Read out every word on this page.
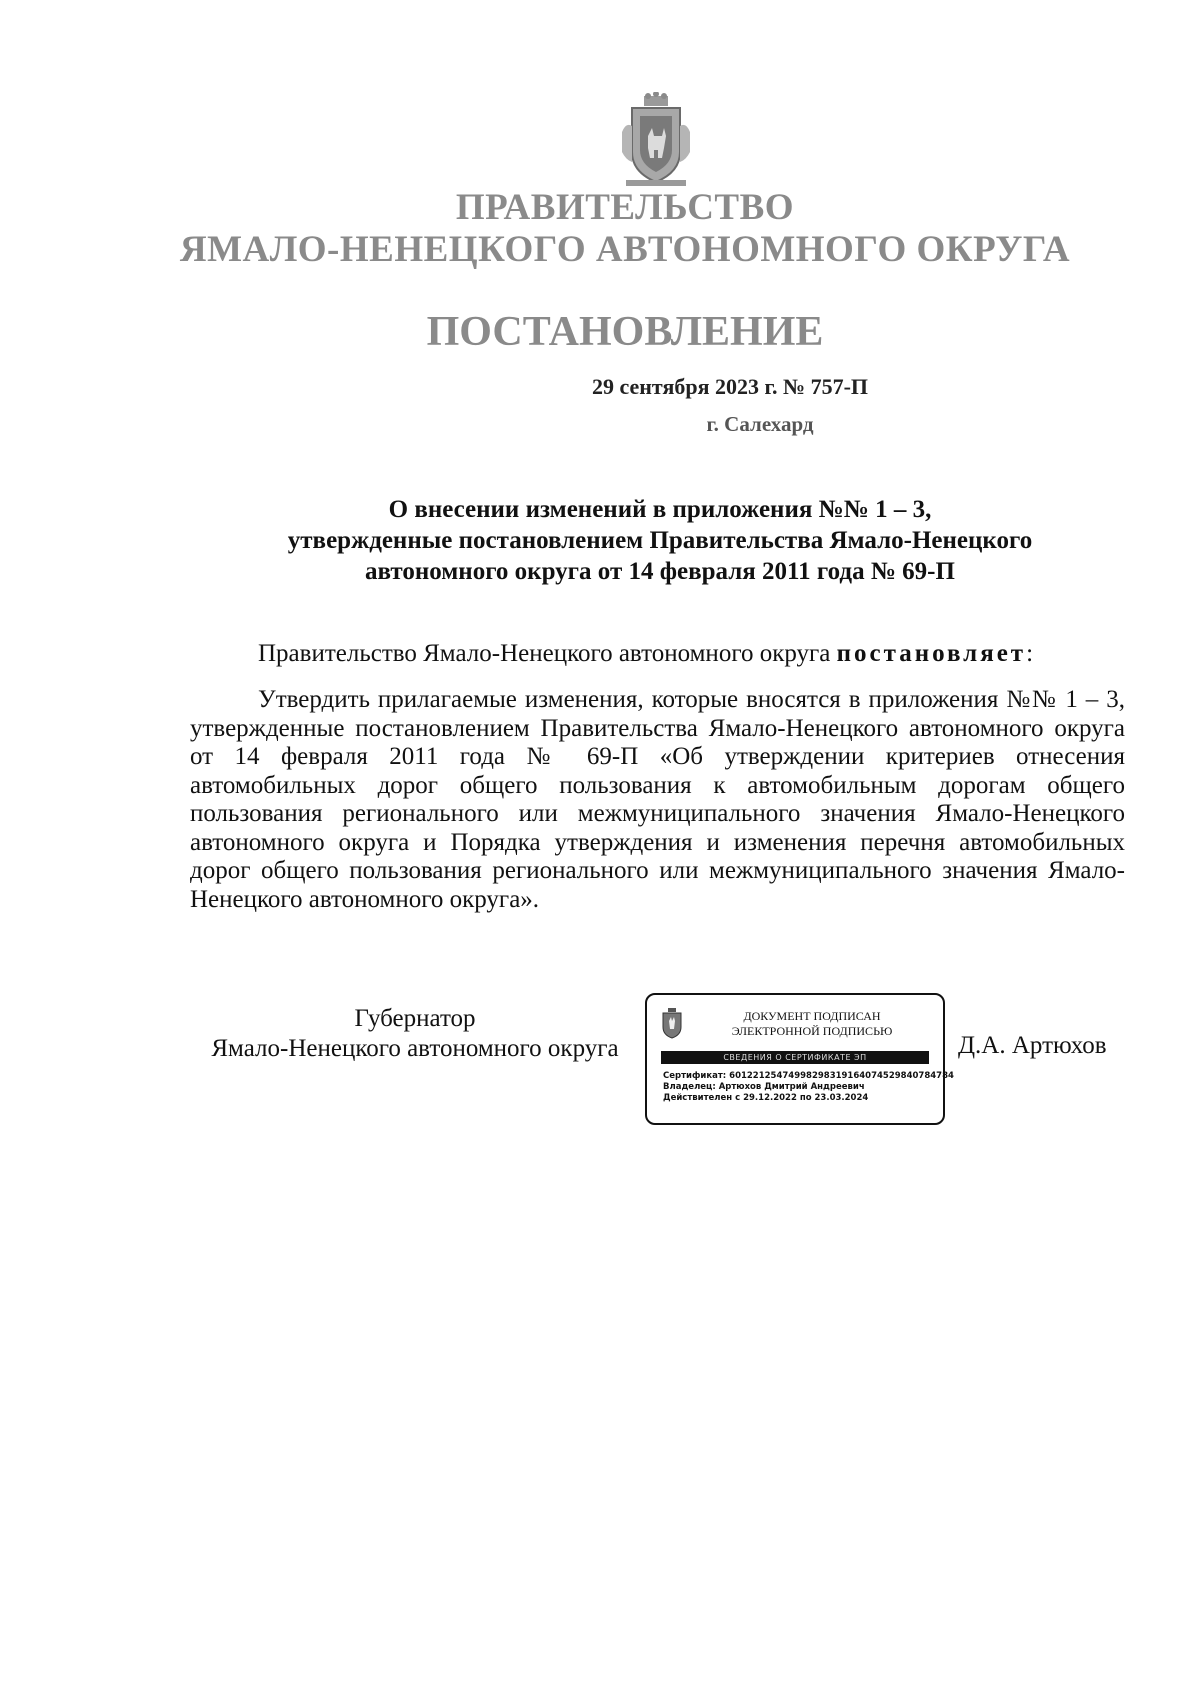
ПРАВИТЕЛЬСТВО

ЯМАЛО-НЕНЕЦКОГО АВТОНОМНОГО ОКРУГА

ПОСТАНОВЛЕНИЕ

29 сентября 2023 г. № 757-П

г. Салехард

О внесении изменений в приложения №№ 1 – 3,
утвержденные постановлением Правительства Ямало-Ненецкого
автономного округа от 14 февраля 2011 года № 69-П

Правительство Ямало-Ненецкого автономного округа постановляет:

Утвердить прилагаемые изменения, которые вносятся в приложения №№ 1 – 3, утвержденные постановлением Правительства Ямало-Ненецкого автономного округа от 14 февраля 2011 года № 69-П «Об утверждении критериев отнесения автомобильных дорог общего пользования к автомобильным дорогам общего пользования регионального или межмуниципального значения Ямало-Ненецкого автономного округа и Порядка утверждения и изменения перечня автомобильных дорог общего пользования регионального или межмуниципального значения Ямало-Ненецкого автономного округа».

Губернатор
Ямало-Ненецкого автономного округа
ДОКУМЕНТ ПОДПИСАН
ЭЛЕКТРОННОЙ ПОДПИСЬЮ
СВЕДЕНИЯ О СЕРТИФИКАТЕ ЭП
Сертификат: 60122125474998298319164074529840784784
Владелец: Артюхов Дмитрий Андреевич
Действителен с 29.12.2022 по 23.03.2024
Д.А. Артюхов
